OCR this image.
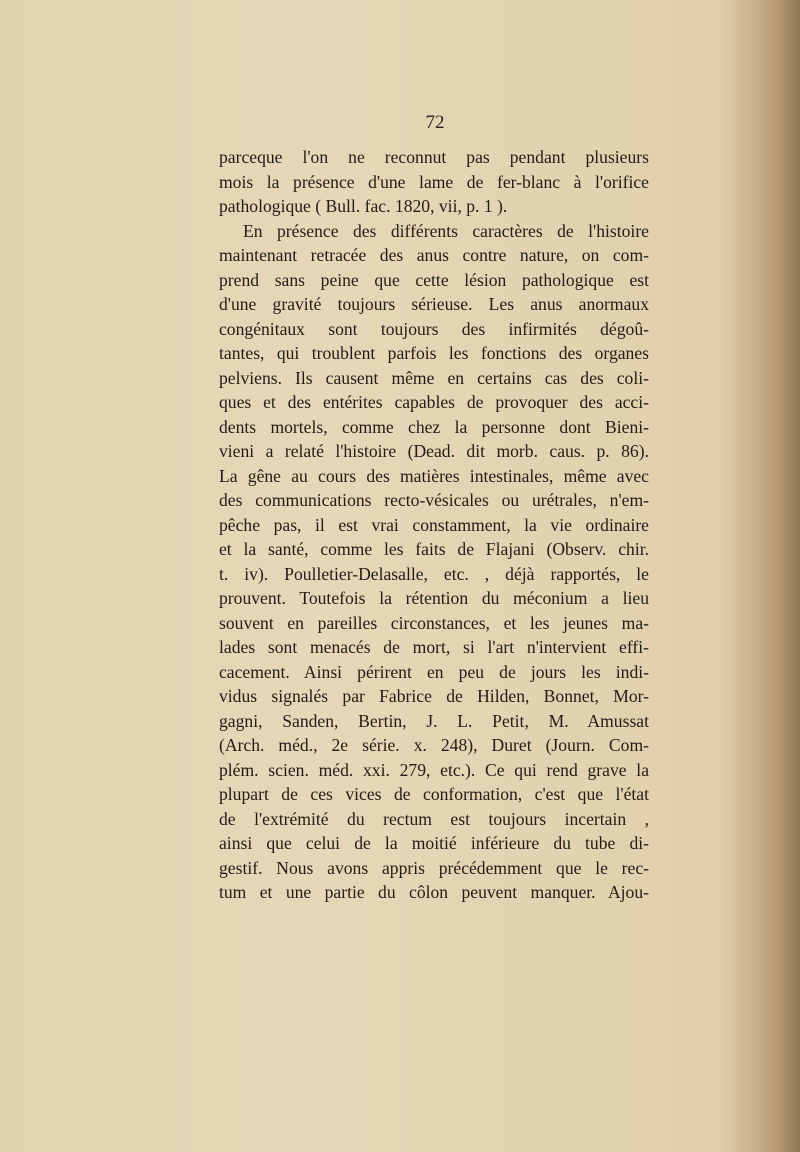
72
parceque l'on ne reconnut pas pendant plusieurs
mois la présence d'une lame de fer-blanc à l'orifice
pathologique ( Bull. fac. 1820, vii, p. 1 ).
En présence des différents caractères de l'histoire
maintenant retracée des anus contre nature, on com-
prend sans peine que cette lésion pathologique est
d'une gravité toujours sérieuse. Les anus anormaux
congénitaux sont toujours des infirmités dégoû-
tantes, qui troublent parfois les fonctions des organes
pelviens. Ils causent même en certains cas des coli-
ques et des entérites capables de provoquer des acci-
dents mortels, comme chez la personne dont Bieni-
vieni a relaté l'histoire (Dead. dit morb. caus. p. 86).
La gêne au cours des matières intestinales, même avec
des communications recto-vésicales ou urétrales, n'em-
pêche pas, il est vrai constamment, la vie ordinaire
et la santé, comme les faits de Flajani (Observ. chir.
t. iv). Poulletier-Delasalle, etc. , déjà rapportés, le
prouvent. Toutefois la rétention du méconium a lieu
souvent en pareilles circonstances, et les jeunes ma-
lades sont menacés de mort, si l'art n'intervient effi-
cacement. Ainsi périrent en peu de jours les indi-
vidus signalés par Fabrice de Hilden, Bonnet, Mor-
gagni, Sanden, Bertin, J. L. Petit, M. Amussat
(Arch. méd., 2e série. x. 248), Duret (Journ. Com-
plém. scien. méd. xxi. 279, etc.). Ce qui rend grave la
plupart de ces vices de conformation, c'est que l'état
de l'extrémité du rectum est toujours incertain ,
ainsi que celui de la moitié inférieure du tube di-
gestif. Nous avons appris précédemment que le rec-
tum et une partie du côlon peuvent manquer. Ajou-
